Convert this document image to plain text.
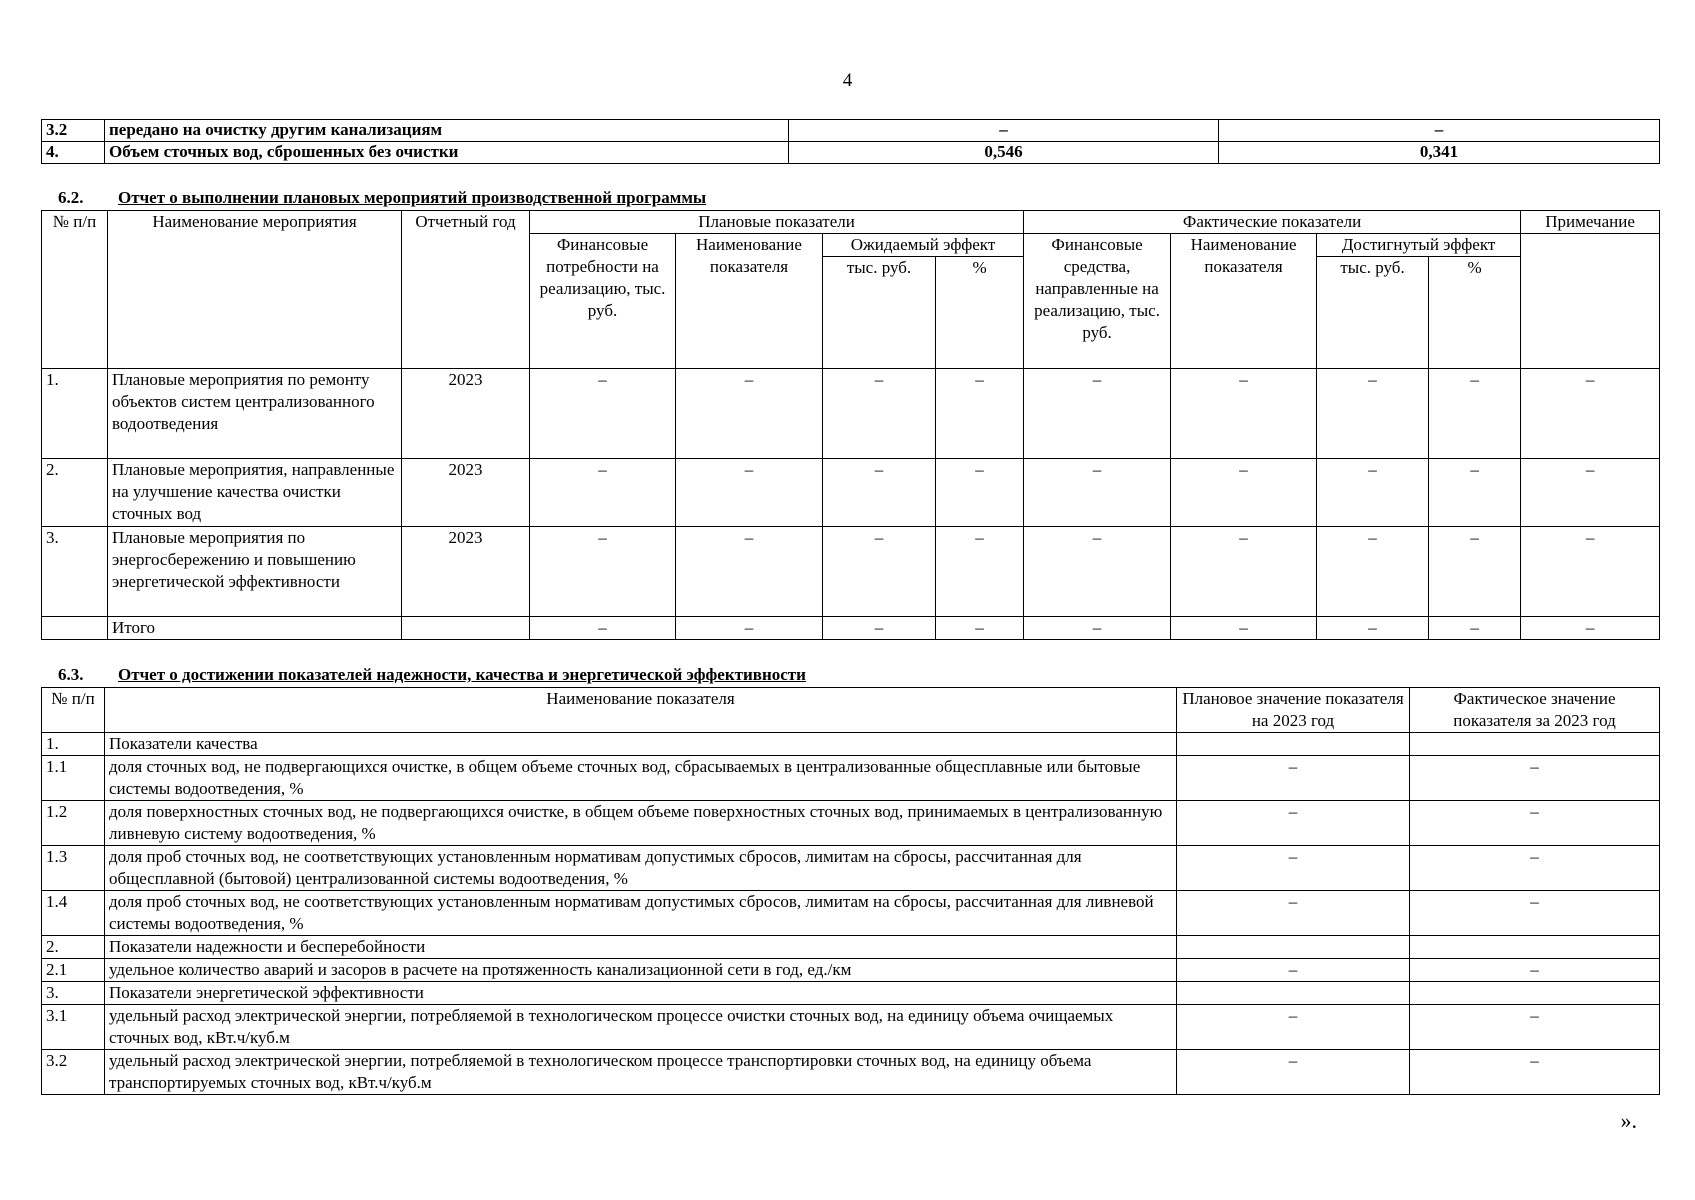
4
3.2	передано на очистку другим канализациям	–	–
4.	Объем сточных вод, сброшенных без очистки	0,546	0,341
6.2. Отчет о выполнении плановых мероприятий производственной программы
№ п/п	Наименование мероприятия	Отчетный год	Плановые показатели				Фактические показатели				Примечание
			Финансовые потребности на реализацию, тыс. руб.	Наименование показателя	Ожидаемый эффект		Финансовые средства, направленные на реализацию, тыс. руб.	Наименование показателя	Достигнутый эффект		
					тыс. руб.	%			тыс. руб.	%	
1.	Плановые мероприятия по ремонту объектов систем централизованного водоотведения	2023	–	–	–	–	–	–	–	–	–
2.	Плановые мероприятия, направленные на улучшение качества очистки сточных вод	2023	–	–	–	–	–	–	–	–	–
3.	Плановые мероприятия по энергосбережению и повышению энергетической эффективности	2023	–	–	–	–	–	–	–	–	–
	Итого		–	–	–	–	–	–	–	–	–
6.3. Отчет о достижении показателей надежности, качества и энергетической эффективности
№ п/п	Наименование показателя	Плановое значение показателя на 2023 год	Фактическое значение показателя за 2023 год
1.	Показатели качества		
1.1	доля сточных вод, не подвергающихся очистке, в общем объеме сточных вод, сбрасываемых в централизованные общесплавные или бытовые системы водоотведения, %	–	–
1.2	доля поверхностных сточных вод, не подвергающихся очистке, в общем объеме поверхностных сточных вод, принимаемых в централизованную ливневую систему водоотведения, %	–	–
1.3	доля проб сточных вод, не соответствующих установленным нормативам допустимых сбросов, лимитам на сбросы, рассчитанная для общесплавной (бытовой) централизованной системы водоотведения, %	–	–
1.4	доля проб сточных вод, не соответствующих установленным нормативам допустимых сбросов, лимитам на сбросы, рассчитанная для ливневой системы водоотведения, %	–	–
2.	Показатели надежности и бесперебойности		
2.1	удельное количество аварий и засоров в расчете на протяженность канализационной сети в год, ед./км	–	–
3.	Показатели энергетической эффективности		
3.1	удельный расход электрической энергии, потребляемой в технологическом процессе очистки сточных вод, на единицу объема очищаемых сточных вод, кВт.ч/куб.м	–	–
3.2	удельный расход электрической энергии, потребляемой в технологическом процессе транспортировки сточных вод, на единицу объема транспортируемых сточных вод, кВт.ч/куб.м	–	–
».
